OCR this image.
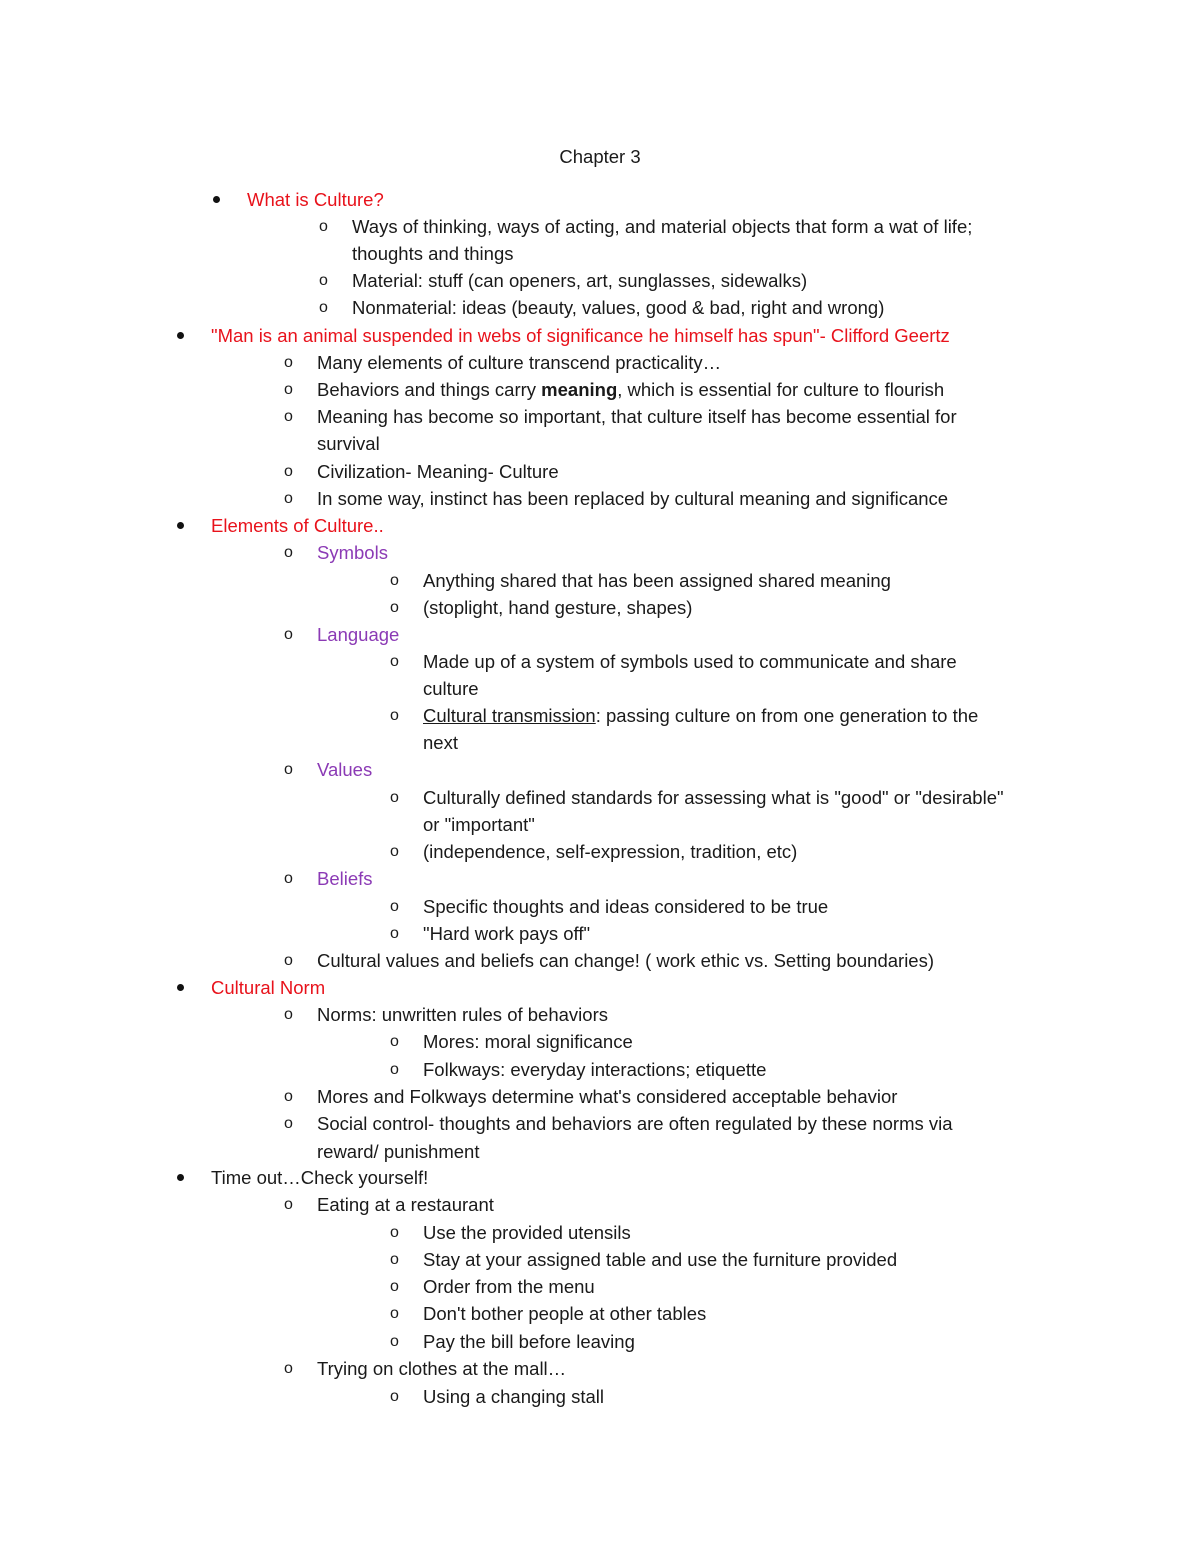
Chapter 3
What is Culture?
o Ways of thinking, ways of acting, and material objects that form a wat of life;
thoughts and things
o Material: stuff (can openers, art, sunglasses, sidewalks)
o Nonmaterial: ideas (beauty, values, good & bad, right and wrong)
"Man is an animal suspended in webs of significance he himself has spun"- Clifford Geertz
o Many elements of culture transcend practicality…
o Behaviors and things carry meaning, which is essential for culture to flourish
o Meaning has become so important, that culture itself has become essential for
survival
o Civilization- Meaning- Culture
o In some way, instinct has been replaced by cultural meaning and significance
Elements of Culture..
o Symbols
o Anything shared that has been assigned shared meaning
o (stoplight, hand gesture, shapes)
o Language
o Made up of a system of symbols used to communicate and share
culture
o Cultural transmission: passing culture on from one generation to the
next
o Values
o Culturally defined standards for assessing what is "good" or "desirable"
or "important"
o (independence, self-expression, tradition, etc)
o Beliefs
o Specific thoughts and ideas considered to be true
o "Hard work pays off"
o Cultural values and beliefs can change! ( work ethic vs. Setting boundaries)
Cultural Norm
o Norms: unwritten rules of behaviors
o Mores: moral significance
o Folkways: everyday interactions; etiquette
o Mores and Folkways determine what's considered acceptable behavior
o Social control- thoughts and behaviors are often regulated by these norms via
reward/ punishment
Time out…Check yourself!
o Eating at a restaurant
o Use the provided utensils
o Stay at your assigned table and use the furniture provided
o Order from the menu
o Don't bother people at other tables
o Pay the bill before leaving
o Trying on clothes at the mall…
o Using a changing stall
